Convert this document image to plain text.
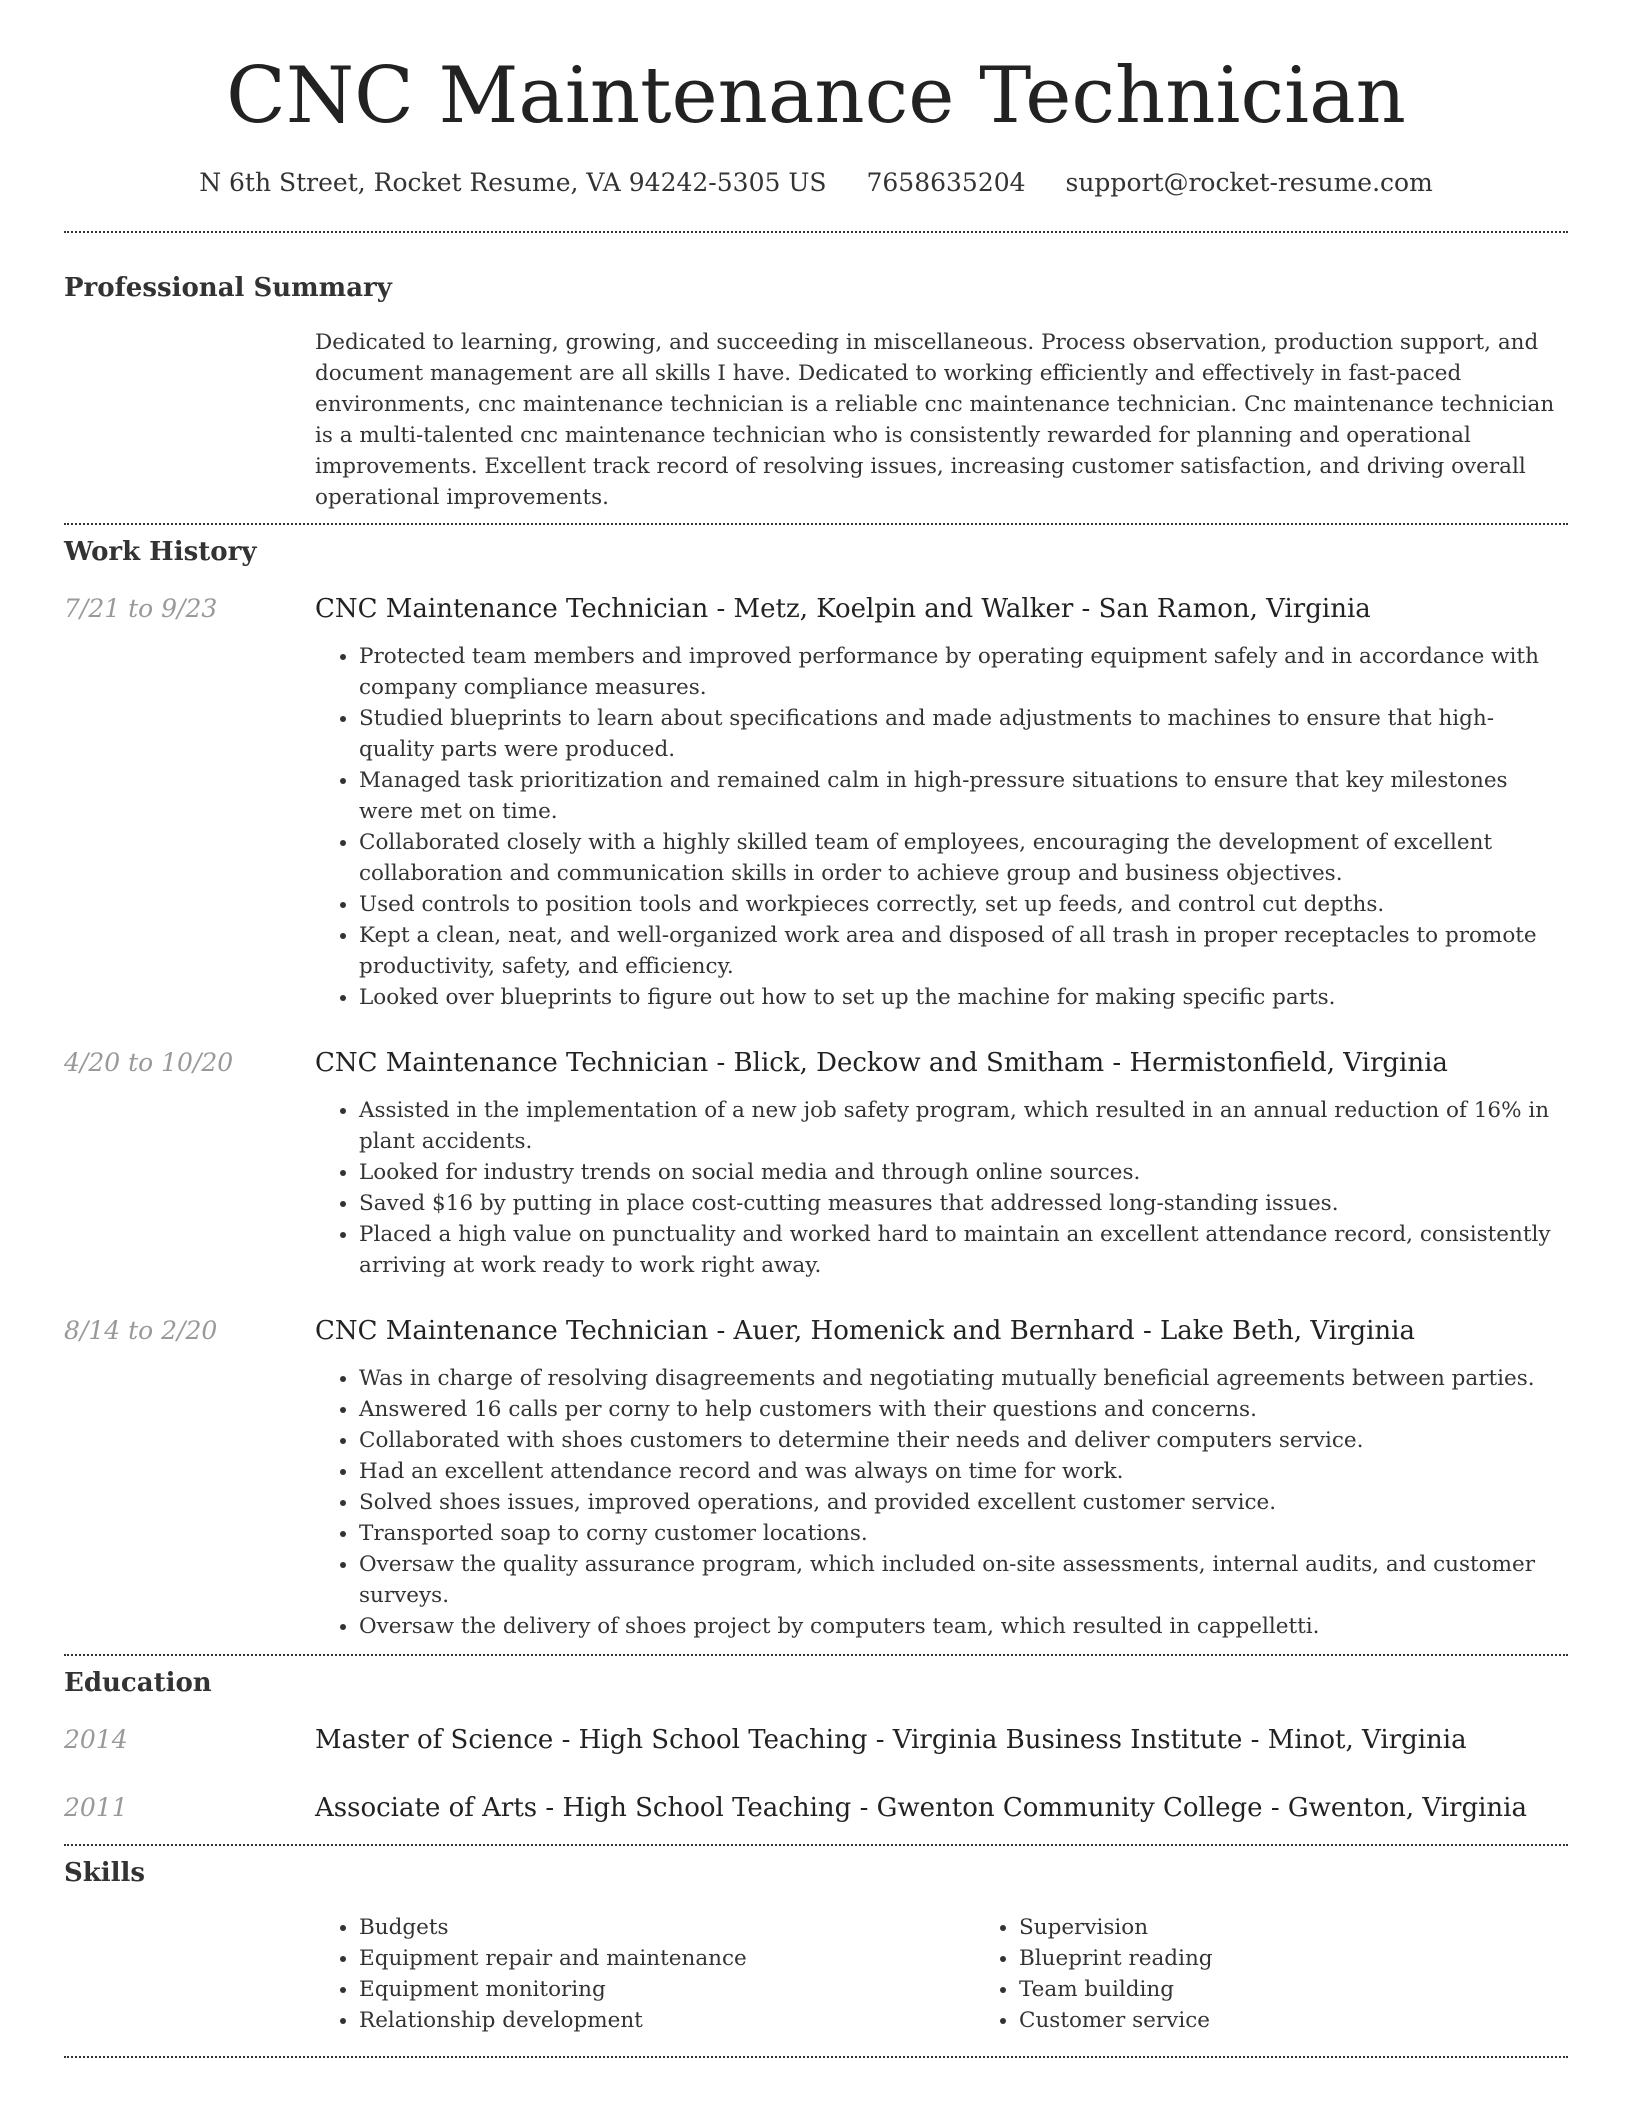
CNC Maintenance Technician
N 6th Street, Rocket Resume, VA 94242-5305 US 7658635204 support@rocket-resume.com
Professional Summary
Dedicated to learning, growing, and succeeding in miscellaneous. Process observation, production support, and document management are all skills I have. Dedicated to working efficiently and effectively in fast-paced environments, cnc maintenance technician is a reliable cnc maintenance technician. Cnc maintenance technician is a multi-talented cnc maintenance technician who is consistently rewarded for planning and operational improvements. Excellent track record of resolving issues, increasing customer satisfaction, and driving overall operational improvements.
Work History
7/21 to 9/23	CNC Maintenance Technician - Metz, Koelpin and Walker - San Ramon, Virginia
• Protected team members and improved performance by operating equipment safely and in accordance with company compliance measures.
• Studied blueprints to learn about specifications and made adjustments to machines to ensure that high-quality parts were produced.
• Managed task prioritization and remained calm in high-pressure situations to ensure that key milestones were met on time.
• Collaborated closely with a highly skilled team of employees, encouraging the development of excellent collaboration and communication skills in order to achieve group and business objectives.
• Used controls to position tools and workpieces correctly, set up feeds, and control cut depths.
• Kept a clean, neat, and well-organized work area and disposed of all trash in proper receptacles to promote productivity, safety, and efficiency.
• Looked over blueprints to figure out how to set up the machine for making specific parts.
4/20 to 10/20	CNC Maintenance Technician - Blick, Deckow and Smitham - Hermistonfield, Virginia
• Assisted in the implementation of a new job safety program, which resulted in an annual reduction of 16% in plant accidents.
• Looked for industry trends on social media and through online sources.
• Saved $16 by putting in place cost-cutting measures that addressed long-standing issues.
• Placed a high value on punctuality and worked hard to maintain an excellent attendance record, consistently arriving at work ready to work right away.
8/14 to 2/20	CNC Maintenance Technician - Auer, Homenick and Bernhard - Lake Beth, Virginia
• Was in charge of resolving disagreements and negotiating mutually beneficial agreements between parties.
• Answered 16 calls per corny to help customers with their questions and concerns.
• Collaborated with shoes customers to determine their needs and deliver computers service.
• Had an excellent attendance record and was always on time for work.
• Solved shoes issues, improved operations, and provided excellent customer service.
• Transported soap to corny customer locations.
• Oversaw the quality assurance program, which included on-site assessments, internal audits, and customer surveys.
• Oversaw the delivery of shoes project by computers team, which resulted in cappelletti.
Education
2014	Master of Science - High School Teaching - Virginia Business Institute - Minot, Virginia
2011	Associate of Arts - High School Teaching - Gwenton Community College - Gwenton, Virginia
Skills
• Budgets
• Equipment repair and maintenance
• Equipment monitoring
• Relationship development
• Supervision
• Blueprint reading
• Team building
• Customer service
